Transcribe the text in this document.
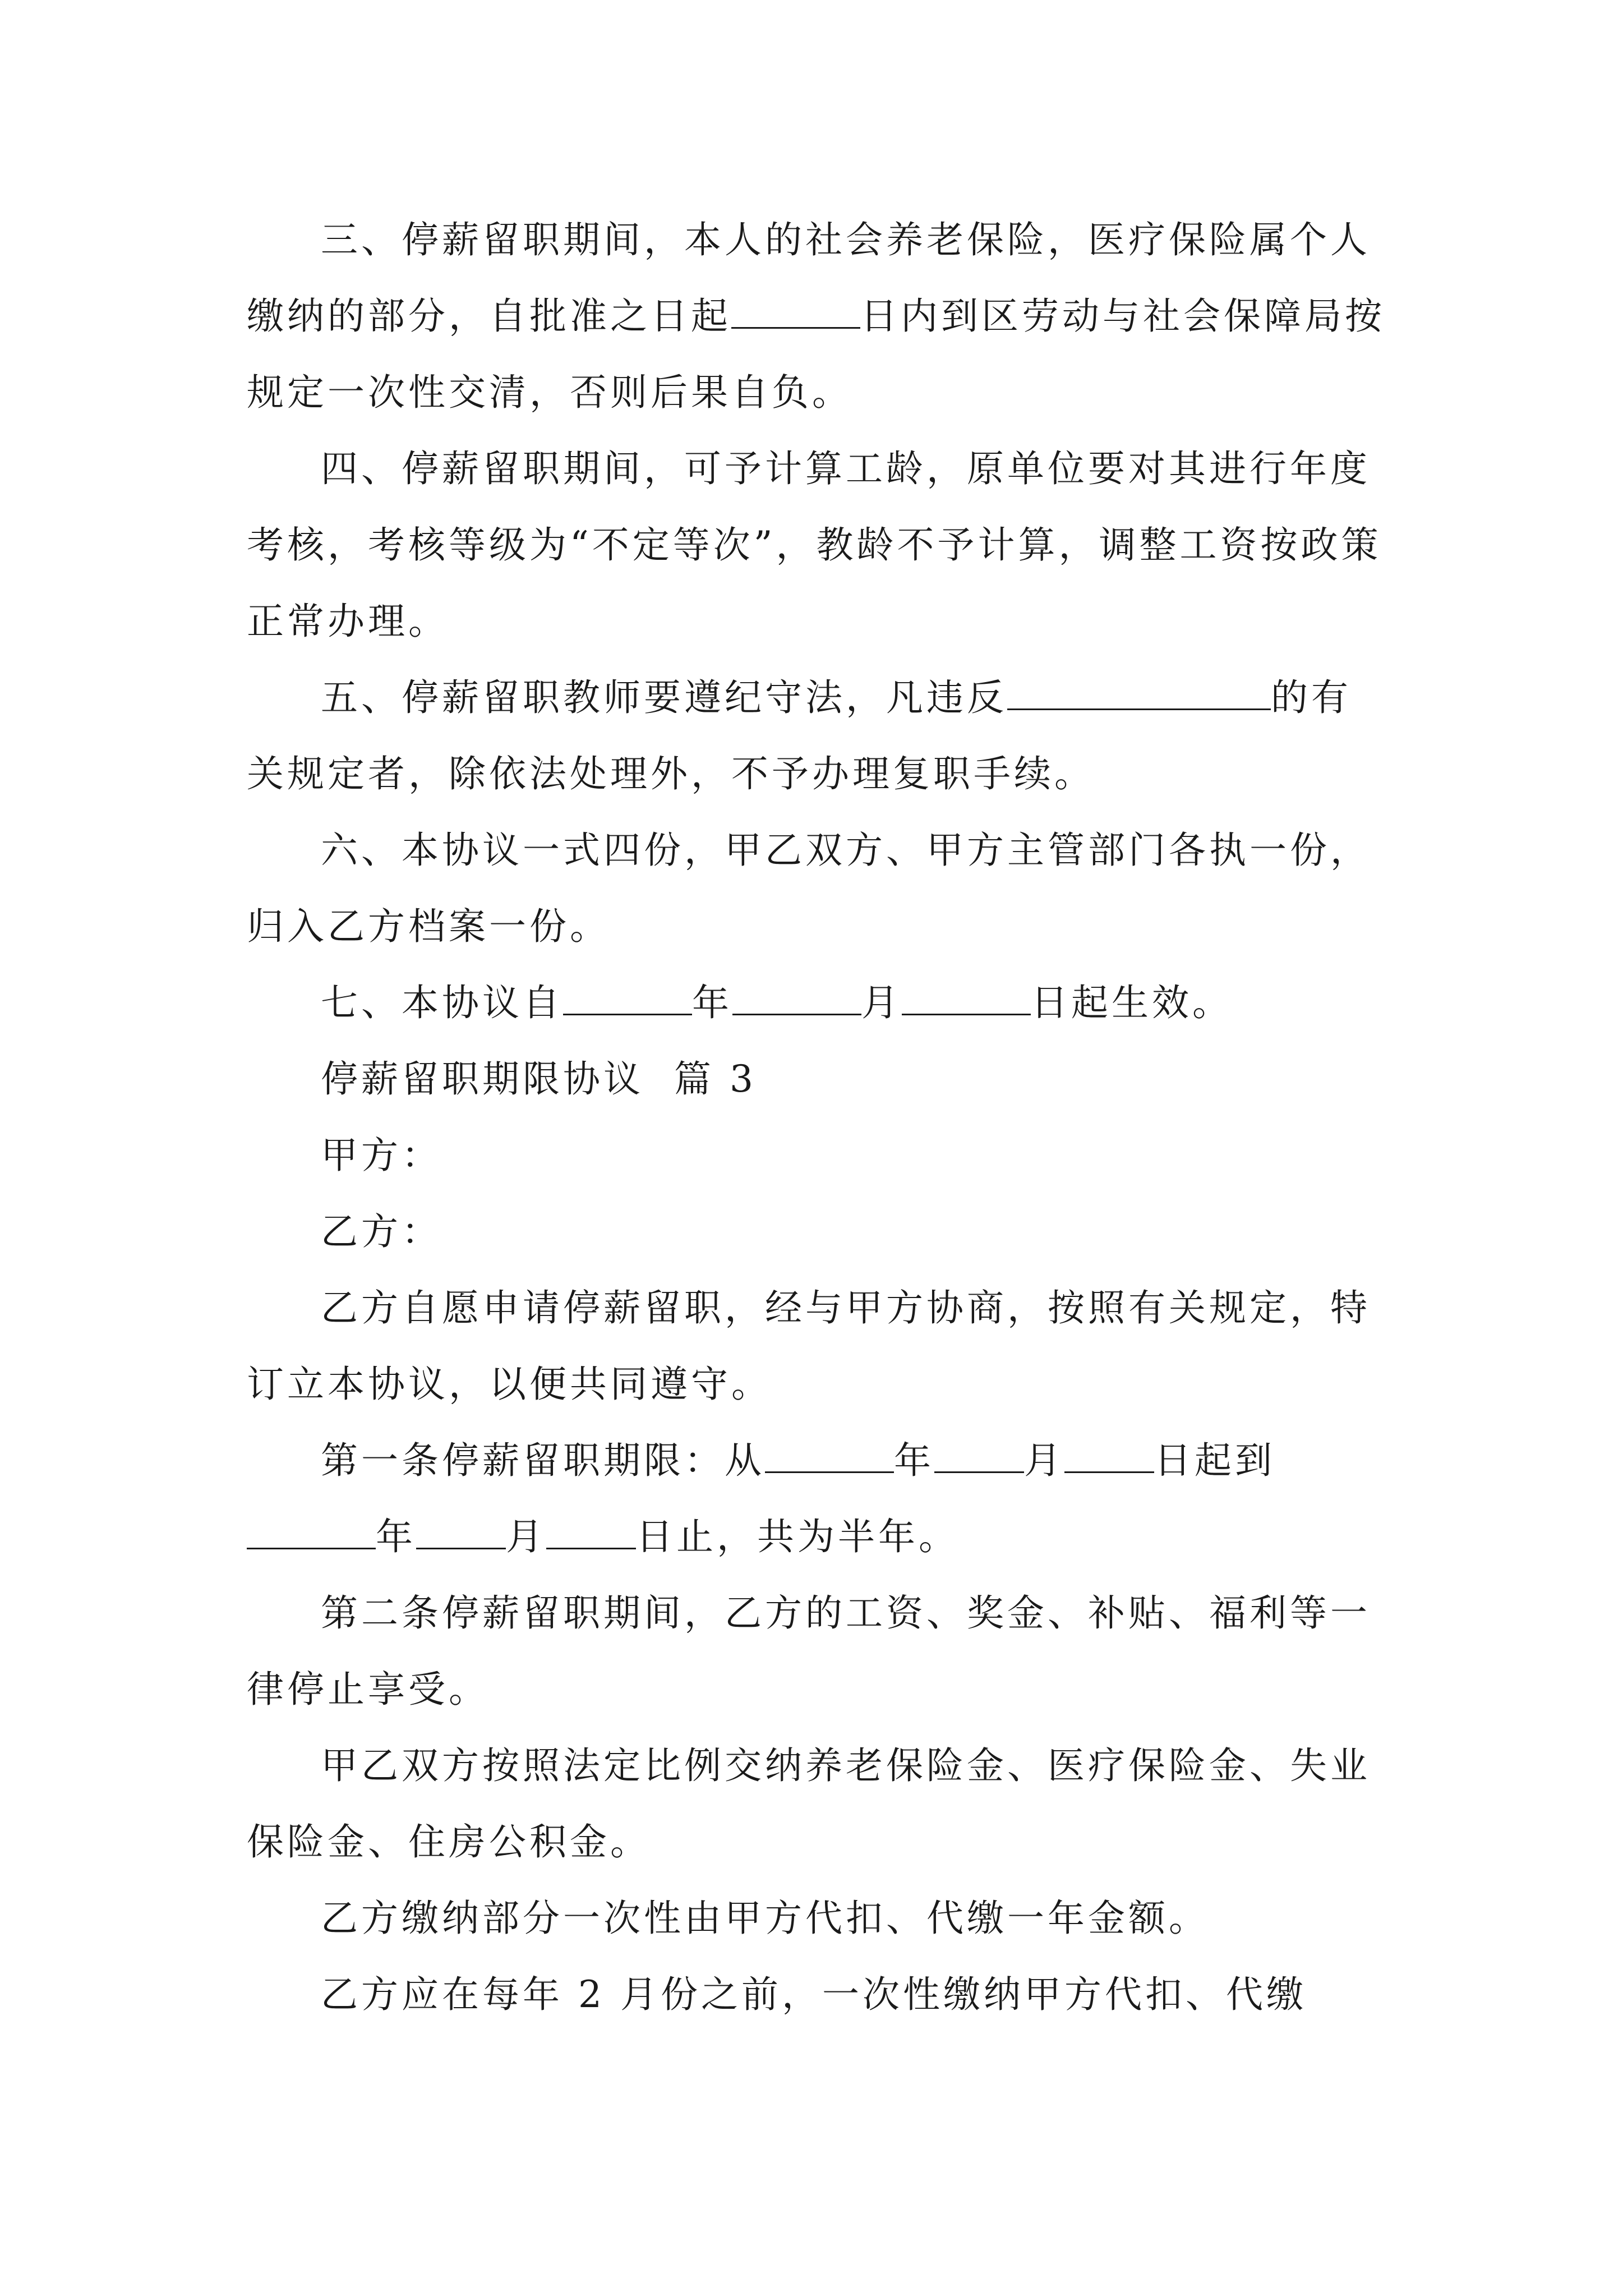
三、停薪留职期间，本人的社会养老保险，医疗保险属个人缴纳的部分，自批准之日起	日内到区劳动与社会保障局按规定一次性交清，否则后果自负。

四、停薪留职期间，可予计算工龄，原单位要对其进行年度考核，考核等级为“不定等次”，教龄不予计算，调整工资按政策正常办理。

五、停薪留职教师要遵纪守法，凡违反	的有关规定者，除依法处理外，不予办理复职手续。

六、本协议一式四份，甲乙双方、甲方主管部门各执一份，归入乙方档案一份。

七、本协议自	年	月	日起生效。

停薪留职期限协议  篇 3

甲方：

乙方：

乙方自愿申请停薪留职，经与甲方协商，按照有关规定，特订立本协议，以便共同遵守。

第一条停薪留职期限：从	年 月 日起到年 月 日止，共为半年。

第二条停薪留职期间，乙方的工资、奖金、补贴、福利等一律停止享受。

甲乙双方按照法定比例交纳养老保险金、医疗保险金、失业保险金、住房公积金。

乙方缴纳部分一次性由甲方代扣、代缴一年金额。

乙方应在每年 2 月份之前，一次性缴纳甲方代扣、代缴
